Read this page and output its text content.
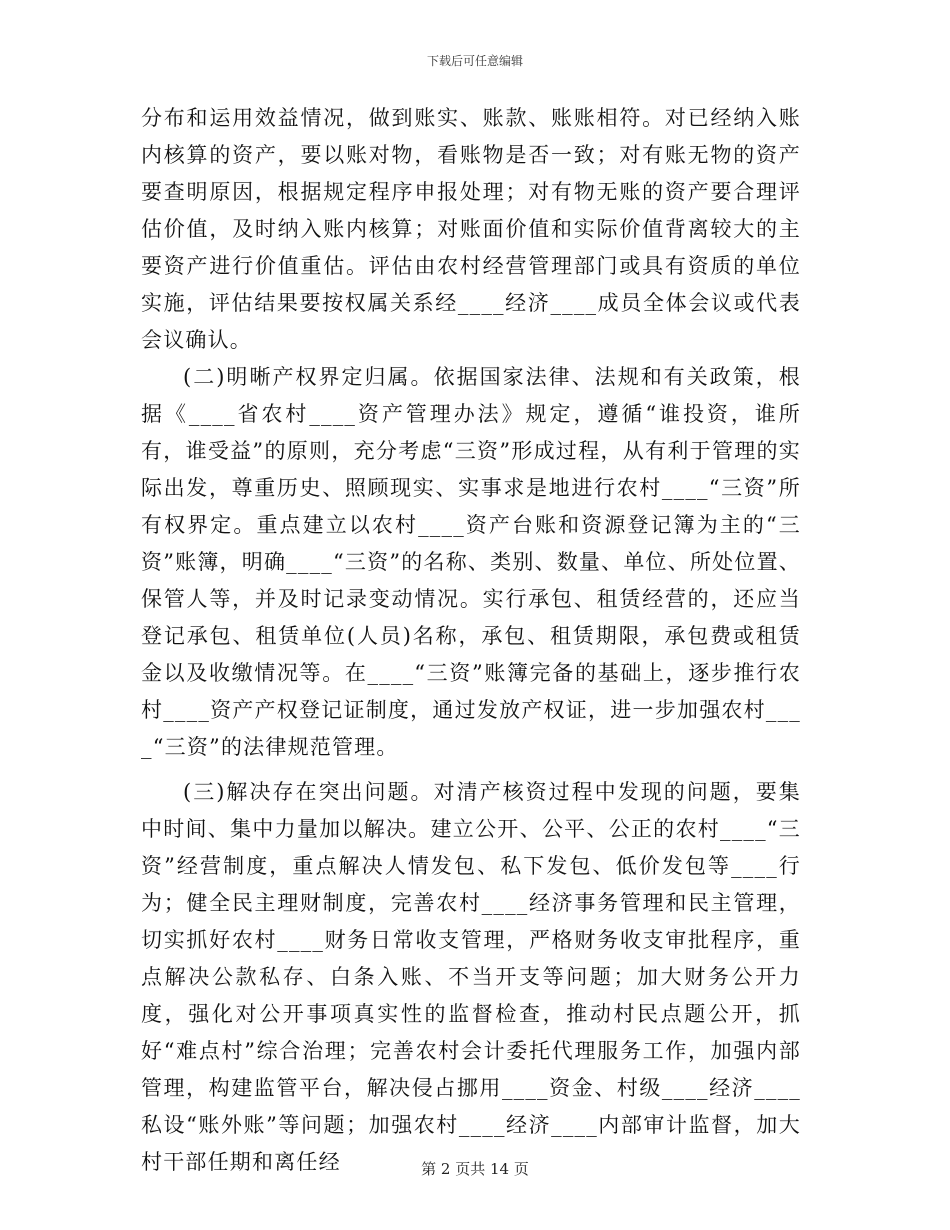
下载后可任意编辑

分布和运用效益情况，做到账实、账款、账账相符。对已经纳入账内核算的资产，要以账对物，看账物是否一致；对有账无物的资产要查明原因，根据规定程序申报处理；对有物无账的资产要合理评估价值，及时纳入账内核算；对账面价值和实际价值背离较大的主要资产进行价值重估。评估由农村经营管理部门或具有资质的单位实施，评估结果要按权属关系经____经济____成员全体会议或代表会议确认。

(二)明晰产权界定归属。依据国家法律、法规和有关政策，根据《____省农村____资产管理办法》规定，遵循“谁投资，谁所有，谁受益”的原则，充分考虑“三资”形成过程，从有利于管理的实际出发，尊重历史、照顾现实、实事求是地进行农村____“三资”所有权界定。重点建立以农村____资产台账和资源登记簿为主的“三资”账簿，明确____“三资”的名称、类别、数量、单位、所处位置、保管人等，并及时记录变动情况。实行承包、租赁经营的，还应当登记承包、租赁单位(人员)名称，承包、租赁期限，承包费或租赁金以及收缴情况等。在____“三资”账簿完备的基础上，逐步推行农村____资产产权登记证制度，通过发放产权证，进一步加强农村____“三资”的法律规范管理。

(三)解决存在突出问题。对清产核资过程中发现的问题，要集中时间、集中力量加以解决。建立公开、公平、公正的农村____“三资”经营制度，重点解决人情发包、私下发包、低价发包等____行为；健全民主理财制度，完善农村____经济事务管理和民主管理，切实抓好农村____财务日常收支管理，严格财务收支审批程序，重点解决公款私存、白条入账、不当开支等问题；加大财务公开力度，强化对公开事项真实性的监督检查，推动村民点题公开，抓好“难点村”综合治理；完善农村会计委托代理服务工作，加强内部管理，构建监管平台，解决侵占挪用____资金、村级____经济____私设“账外账”等问题；加强农村____经济____内部审计监督，加大村干部任期和离任经	第 2 页共 14 页
